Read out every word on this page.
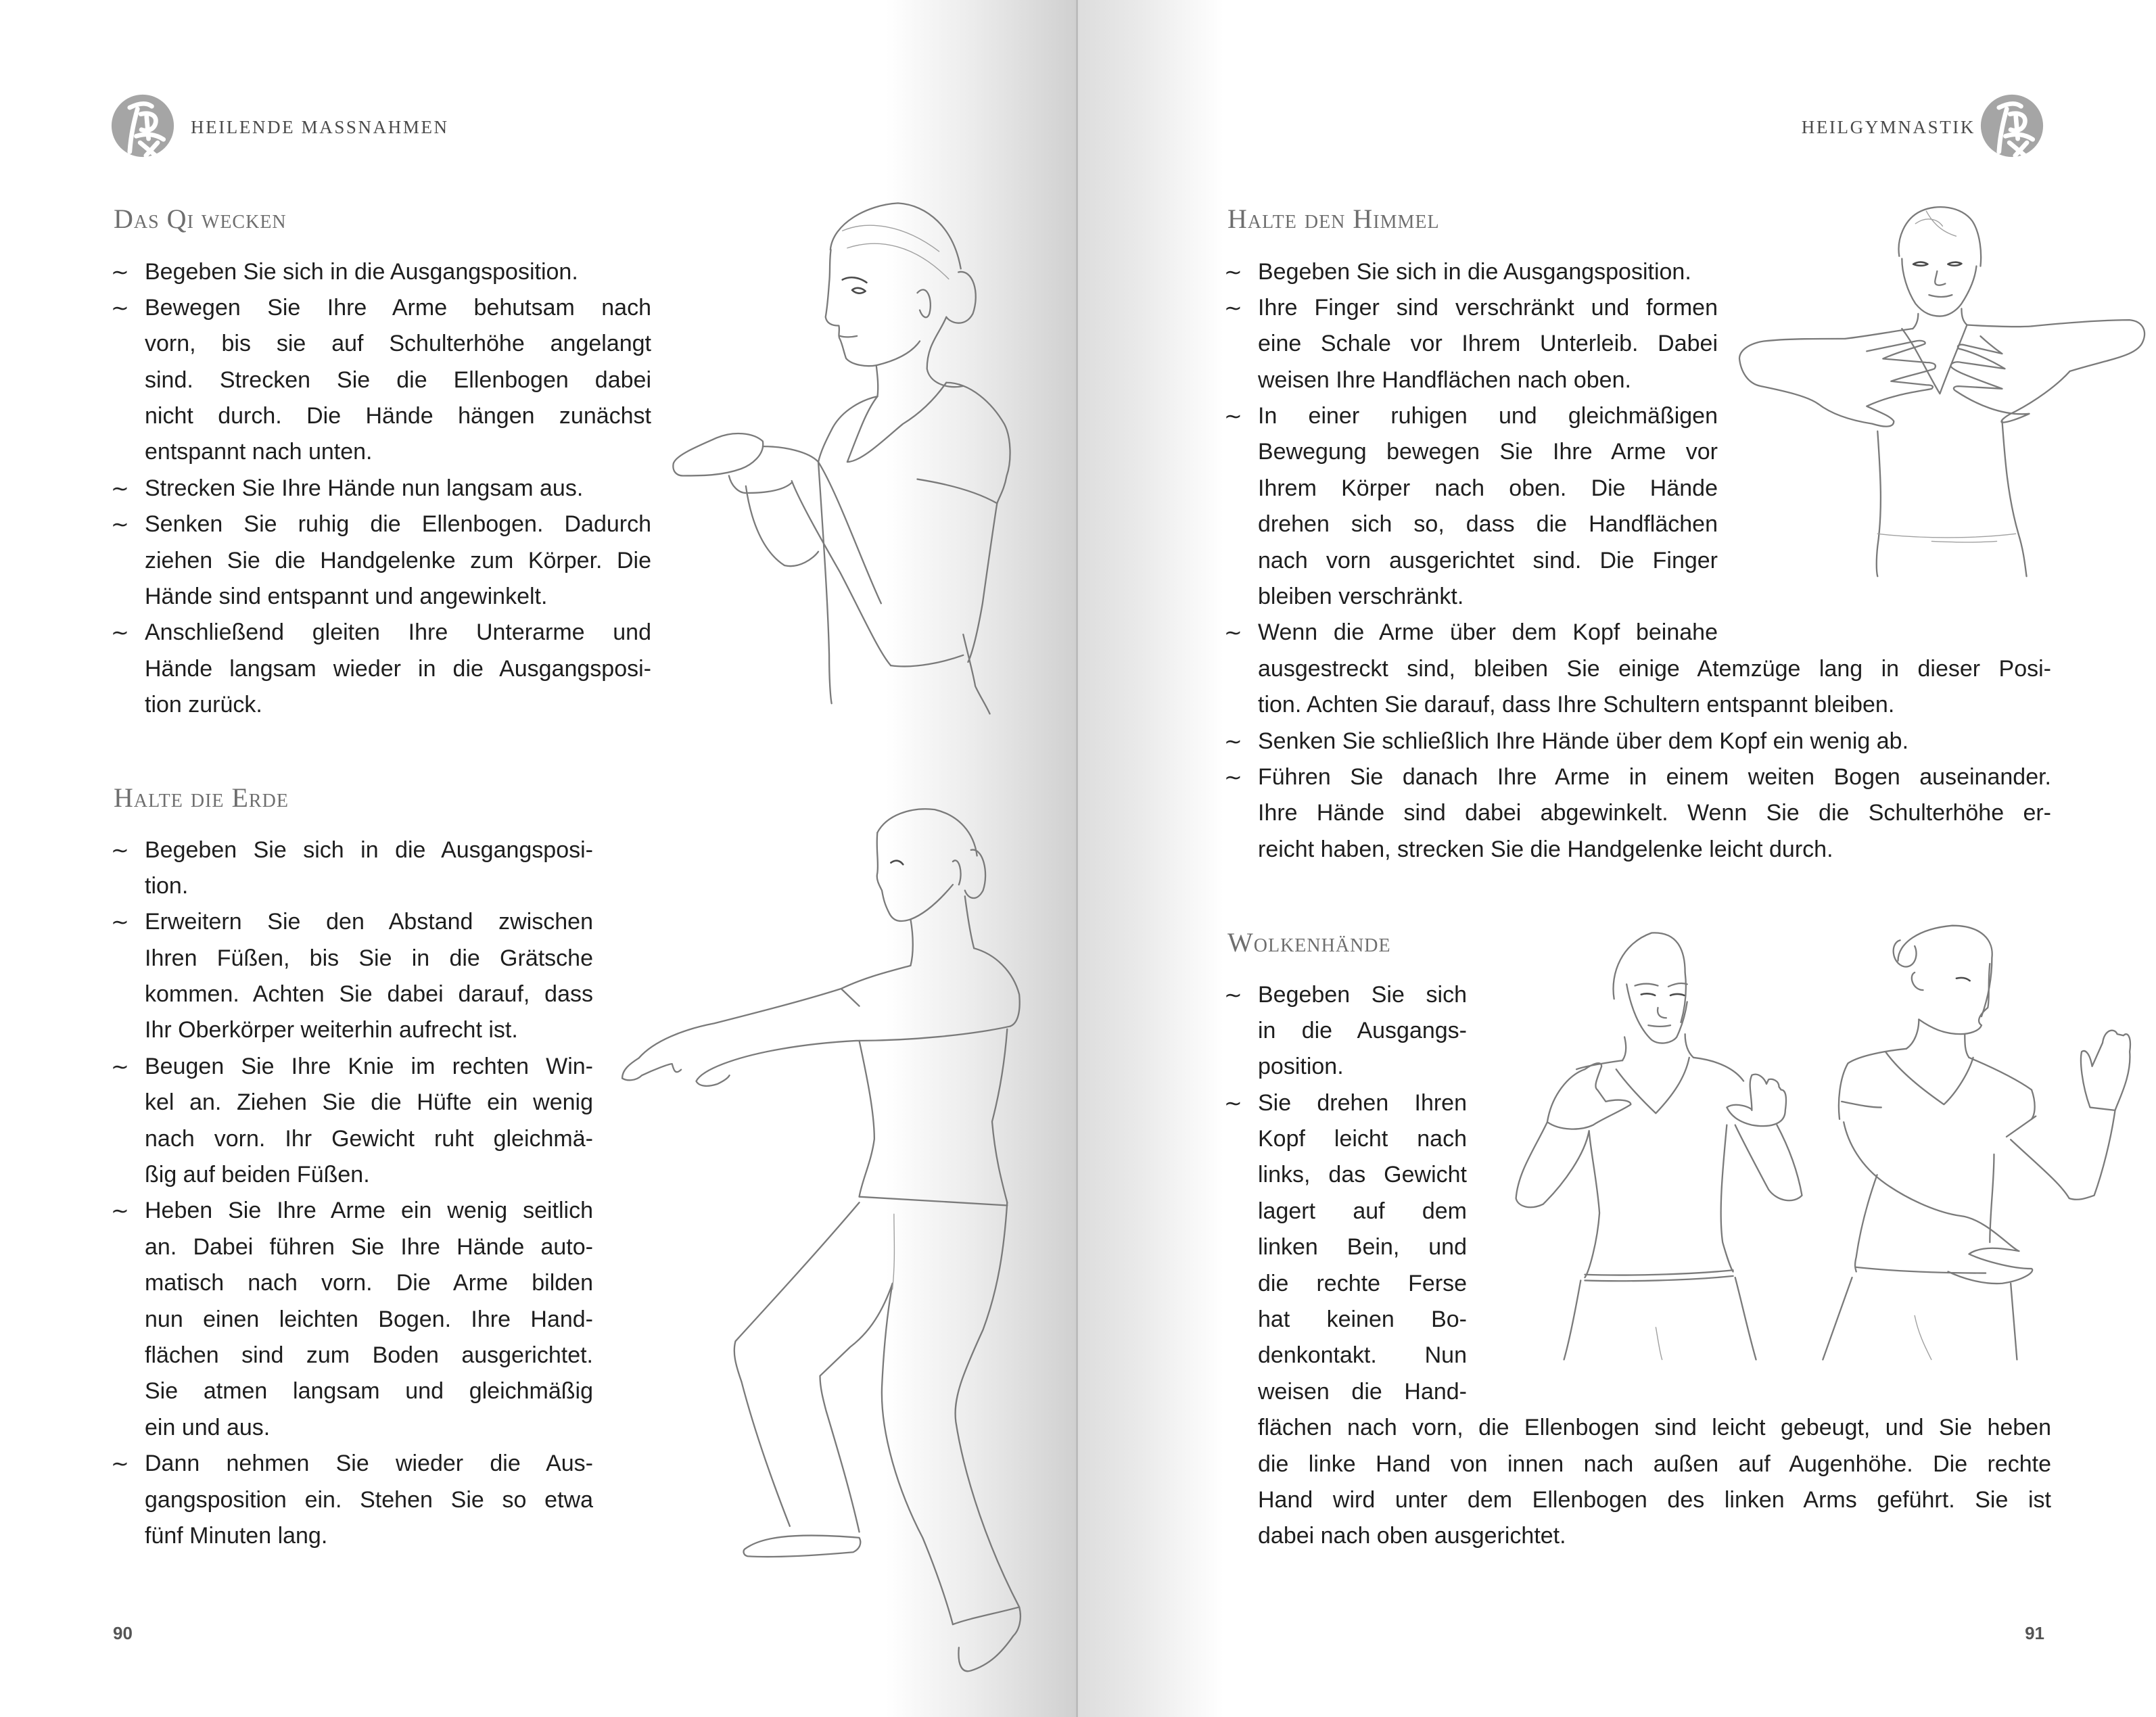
HEILENDE MASSNAHMEN
Das Qi wecken
∼ Begeben Sie sich in die Ausgangsposition.
∼ Bewegen Sie Ihre Arme behutsam nach
vorn, bis sie auf Schulterhöhe angelangt
sind. Strecken Sie die Ellenbogen dabei
nicht durch. Die Hände hängen zunächst
entspannt nach unten.
∼ Strecken Sie Ihre Hände nun langsam aus.
∼ Senken Sie ruhig die Ellenbogen. Dadurch
ziehen Sie die Handgelenke zum Körper. Die
Hände sind entspannt und angewinkelt.
∼ Anschließend gleiten Ihre Unterarme und
Hände langsam wieder in die Ausgangsposi-
tion zurück.
Halte die Erde
∼ Begeben Sie sich in die Ausgangsposi-
tion.
∼ Erweitern Sie den Abstand zwischen
Ihren Füßen, bis Sie in die Grätsche
kommen. Achten Sie dabei darauf, dass
Ihr Oberkörper weiterhin aufrecht ist.
∼ Beugen Sie Ihre Knie im rechten Win-
kel an. Ziehen Sie die Hüfte ein wenig
nach vorn. Ihr Gewicht ruht gleichmä-
ßig auf beiden Füßen.
∼ Heben Sie Ihre Arme ein wenig seitlich
an. Dabei führen Sie Ihre Hände auto-
matisch nach vorn. Die Arme bilden
nun einen leichten Bogen. Ihre Hand-
flächen sind zum Boden ausgerichtet.
Sie atmen langsam und gleichmäßig
ein und aus.
∼ Dann nehmen Sie wieder die Aus-
gangsposition ein. Stehen Sie so etwa
fünf Minuten lang.
90
HEILGYMNASTIK
Halte den Himmel
∼ Begeben Sie sich in die Ausgangsposition.
∼ Ihre Finger sind verschränkt und formen
eine Schale vor Ihrem Unterleib. Dabei
weisen Ihre Handflächen nach oben.
∼ In einer ruhigen und gleichmäßigen
Bewegung bewegen Sie Ihre Arme vor
Ihrem Körper nach oben. Die Hände
drehen sich so, dass die Handflächen
nach vorn ausgerichtet sind. Die Finger
bleiben verschränkt.
∼ Wenn die Arme über dem Kopf beinahe
ausgestreckt sind, bleiben Sie einige Atemzüge lang in dieser Posi-
tion. Achten Sie darauf, dass Ihre Schultern entspannt bleiben.
∼ Senken Sie schließlich Ihre Hände über dem Kopf ein wenig ab.
∼ Führen Sie danach Ihre Arme in einem weiten Bogen auseinander.
Ihre Hände sind dabei abgewinkelt. Wenn Sie die Schulterhöhe er-
reicht haben, strecken Sie die Handgelenke leicht durch.
Wolkenhände
∼ Begeben Sie sich
in die Ausgangs-
position.
∼ Sie drehen Ihren
Kopf leicht nach
links, das Gewicht
lagert auf dem
linken Bein, und
die rechte Ferse
hat keinen Bo-
denkontakt. Nun
weisen die Hand-
flächen nach vorn, die Ellenbogen sind leicht gebeugt, und Sie heben
die linke Hand von innen nach außen auf Augenhöhe. Die rechte
Hand wird unter dem Ellenbogen des linken Arms geführt. Sie ist
dabei nach oben ausgerichtet.
91
